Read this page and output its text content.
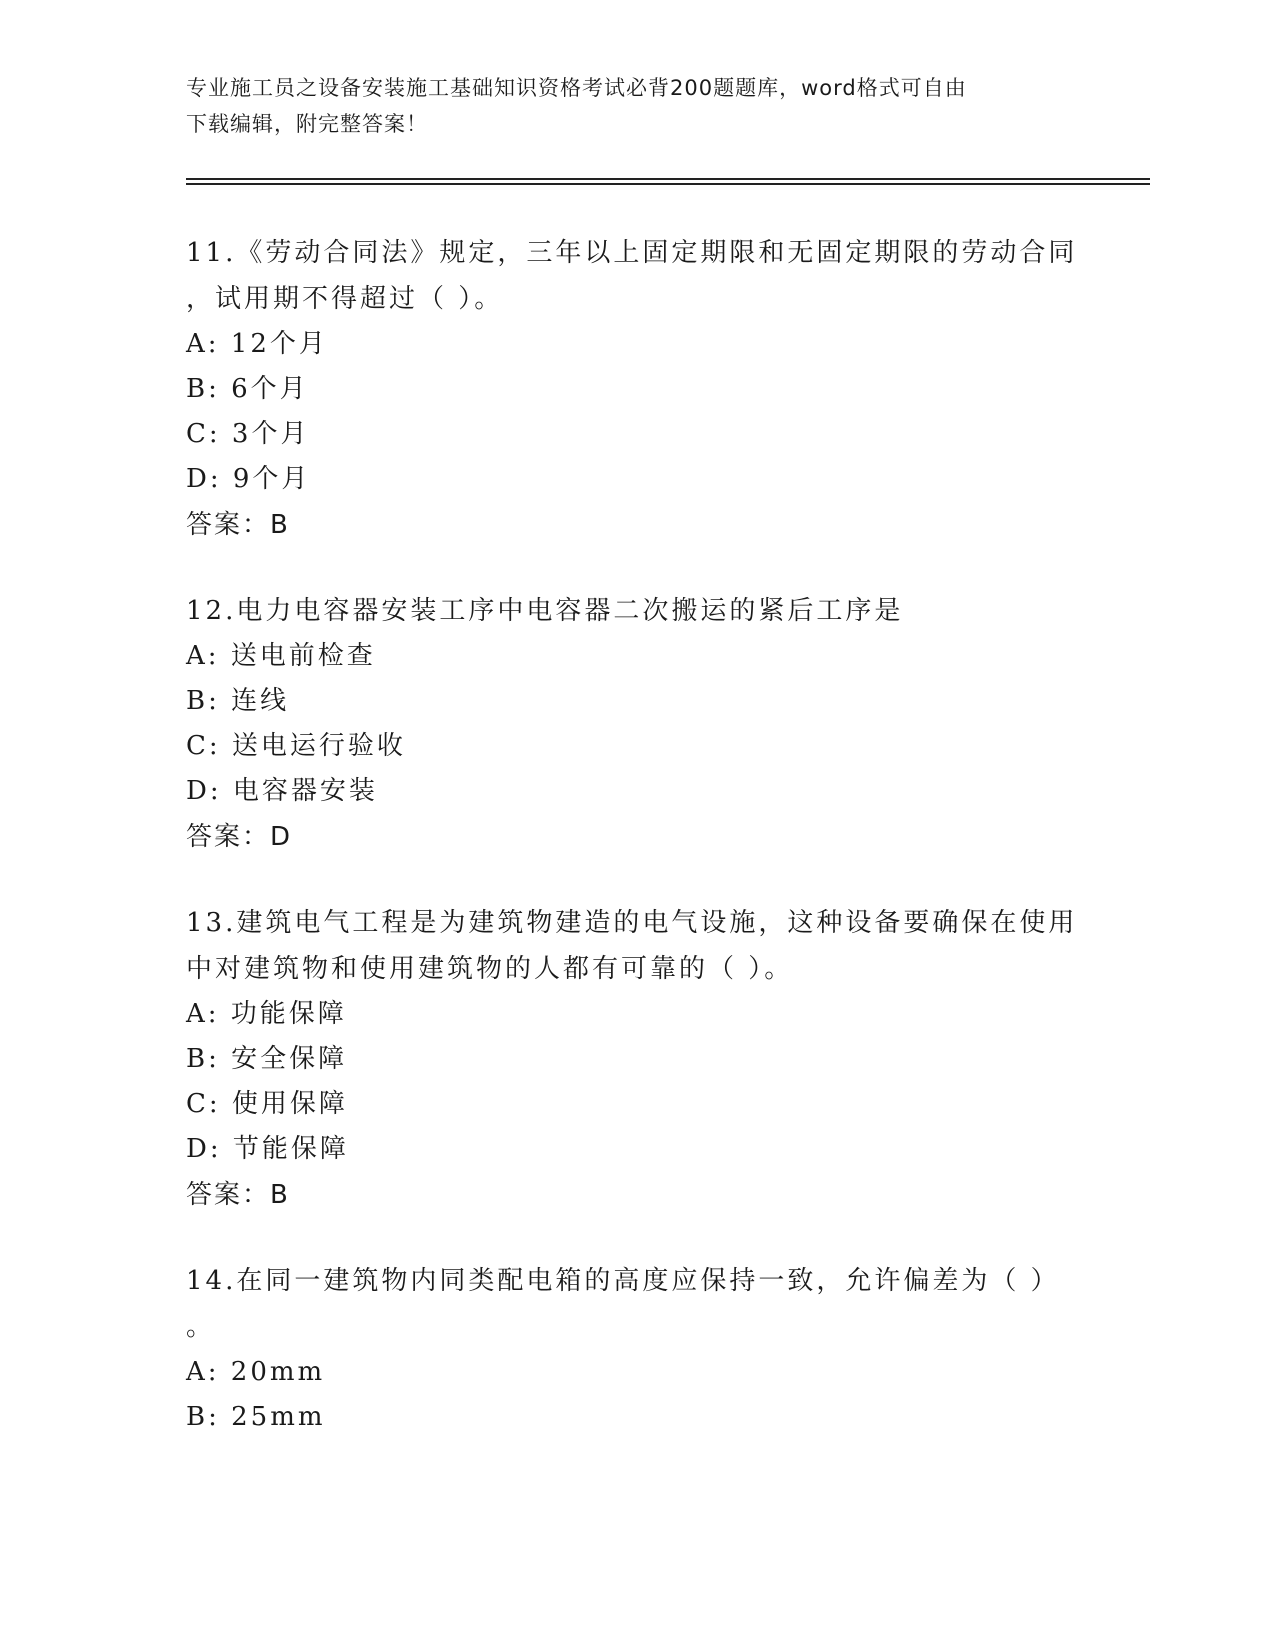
专业施工员之设备安装施工基础知识资格考试必背200题题库，word格式可自由
下载编辑，附完整答案！
11.《劳动合同法》规定，三年以上固定期限和无固定期限的劳动合同
，试用期不得超过（ ）。
A: 12个月
B: 6个月
C: 3个月
D: 9个月
答案：B
12.电力电容器安装工序中电容器二次搬运的紧后工序是
A: 送电前检查
B: 连线
C: 送电运行验收
D: 电容器安装
答案：D
13.建筑电气工程是为建筑物建造的电气设施，这种设备要确保在使用
中对建筑物和使用建筑物的人都有可靠的（ ）。
A: 功能保障
B: 安全保障
C: 使用保障
D: 节能保障
答案：B
14.在同一建筑物内同类配电箱的高度应保持一致，允许偏差为（ ）
。
A: 20mm
B: 25mm
